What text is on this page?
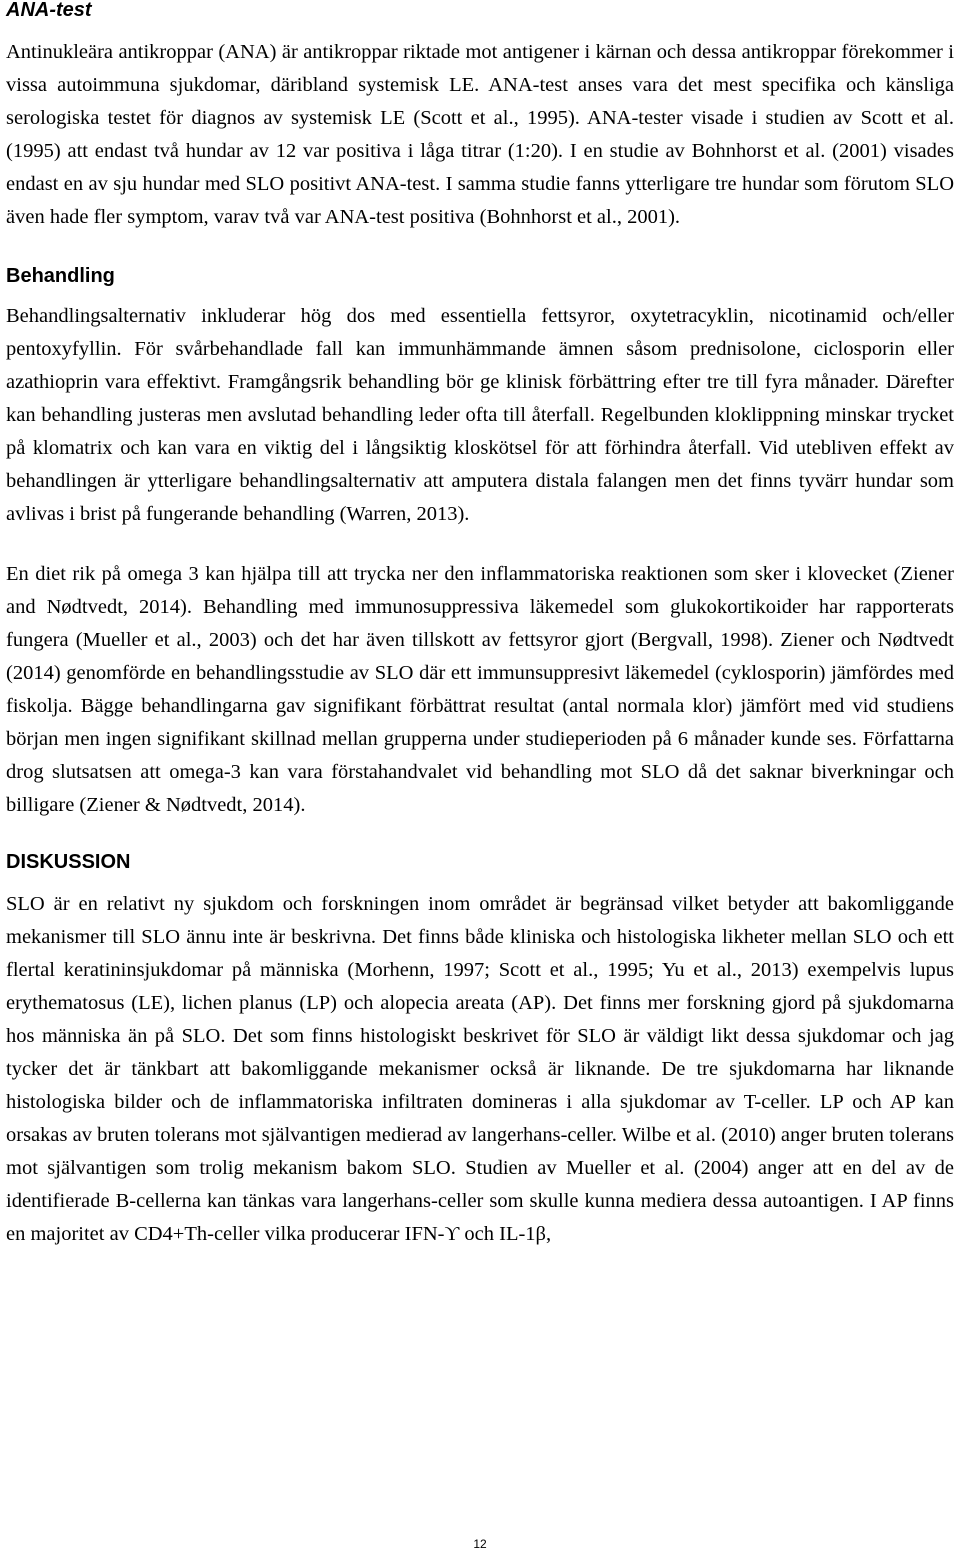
ANA-test

Antinukleära antikroppar (ANA) är antikroppar riktade mot antigener i kärnan och dessa antikroppar förekommer i vissa autoimmuna sjukdomar, däribland systemisk LE. ANA-test anses vara det mest specifika och känsliga serologiska testet för diagnos av systemisk LE (Scott et al., 1995). ANA-tester visade i studien av Scott et al. (1995) att endast två hundar av 12 var positiva i låga titrar (1:20). I en studie av Bohnhorst et al. (2001) visades endast en av sju hundar med SLO positivt ANA-test. I samma studie fanns ytterligare tre hundar som förutom SLO även hade fler symptom, varav två var ANA-test positiva (Bohnhorst et al., 2001).

Behandling

Behandlingsalternativ inkluderar hög dos med essentiella fettsyror, oxytetracyklin, nicotinamid och/eller pentoxyfyllin. För svårbehandlade fall kan immunhämmande ämnen såsom prednisolone, ciclosporin eller azathioprin vara effektivt. Framgångsrik behandling bör ge klinisk förbättring efter tre till fyra månader. Därefter kan behandling justeras men avslutad behandling leder ofta till återfall. Regelbunden kloklippning minskar trycket på klomatrix och kan vara en viktig del i långsiktig kloskötsel för att förhindra återfall. Vid utebliven effekt av behandlingen är ytterligare behandlingsalternativ att amputera distala falangen men det finns tyvärr hundar som avlivas i brist på fungerande behandling (Warren, 2013).

En diet rik på omega 3 kan hjälpa till att trycka ner den inflammatoriska reaktionen som sker i klovecket (Ziener and Nødtvedt, 2014). Behandling med immunosuppressiva läkemedel som glukokortikoider har rapporterats fungera (Mueller et al., 2003) och det har även tillskott av fettsyror gjort (Bergvall, 1998). Ziener och Nødtvedt (2014) genomförde en behandlingsstudie av SLO där ett immunsuppresivt läkemedel (cyklosporin) jämfördes med fiskolja. Bägge behandlingarna gav signifikant förbättrat resultat (antal normala klor) jämfört med vid studiens början men ingen signifikant skillnad mellan grupperna under studieperioden på 6 månader kunde ses. Författarna drog slutsatsen att omega-3 kan vara förstahandvalet vid behandling mot SLO då det saknar biverkningar och billigare (Ziener & Nødtvedt, 2014).

DISKUSSION

SLO är en relativt ny sjukdom och forskningen inom området är begränsad vilket betyder att bakomliggande mekanismer till SLO ännu inte är beskrivna. Det finns både kliniska och histologiska likheter mellan SLO och ett flertal keratininsjukdomar på människa (Morhenn, 1997; Scott et al., 1995; Yu et al., 2013) exempelvis lupus erythematosus (LE), lichen planus (LP) och alopecia areata (AP). Det finns mer forskning gjord på sjukdomarna hos människa än på SLO. Det som finns histologiskt beskrivet för SLO är väldigt likt dessa sjukdomar och jag tycker det är tänkbart att bakomliggande mekanismer också är liknande. De tre sjukdomarna har liknande histologiska bilder och de inflammatoriska infiltraten domineras i alla sjukdomar av T-celler. LP och AP kan orsakas av bruten tolerans mot självantigen medierad av langerhans-celler. Wilbe et al. (2010) anger bruten tolerans mot självantigen som trolig mekanism bakom SLO. Studien av Mueller et al. (2004) anger att en del av de identifierade B-cellerna kan tänkas vara langerhans-celler som skulle kunna mediera dessa autoantigen. I AP finns en majoritet av CD4+Th-celler vilka producerar IFN-ϒ och IL-1β,

12
